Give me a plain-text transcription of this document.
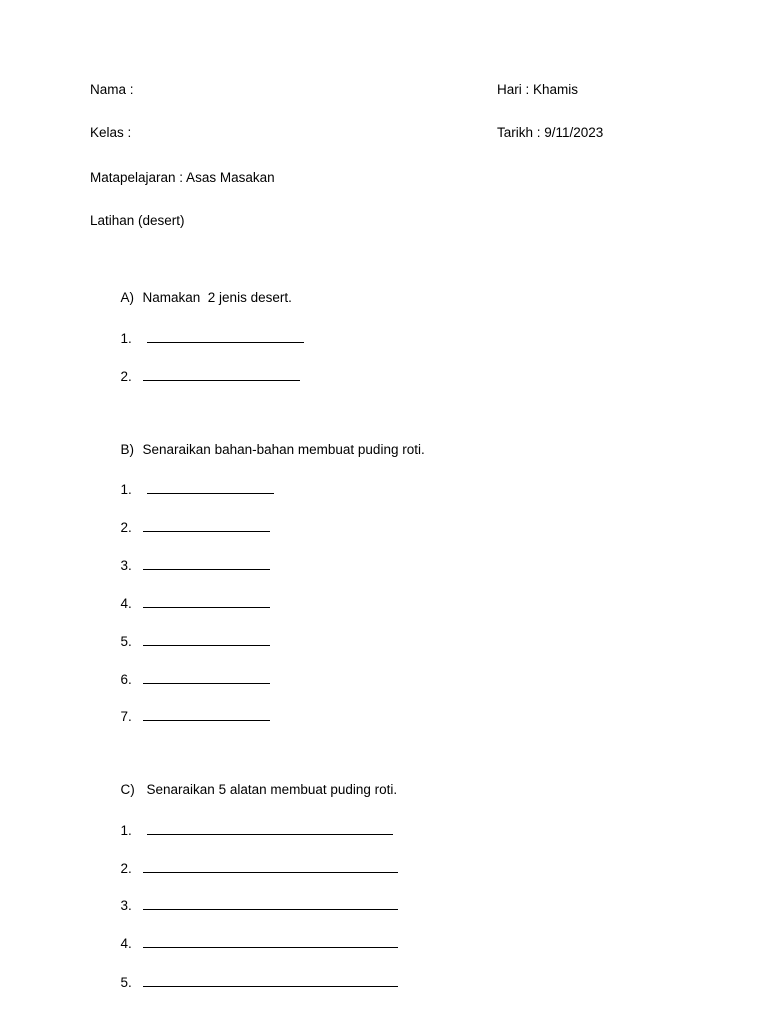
Nama :	Hari : Khamis
Kelas :	Tarikh : 9/11/2023
Matapelajaran : Asas Masakan
Latihan (desert)

A) Namakan  2 jenis desert.

1.

2.

B) Senaraikan bahan-bahan membuat puding roti.

1.

2.

3.

4.

5.

6.

7.

C) Senaraikan 5 alatan membuat puding roti.

1.

2.

3.

4.

5.
